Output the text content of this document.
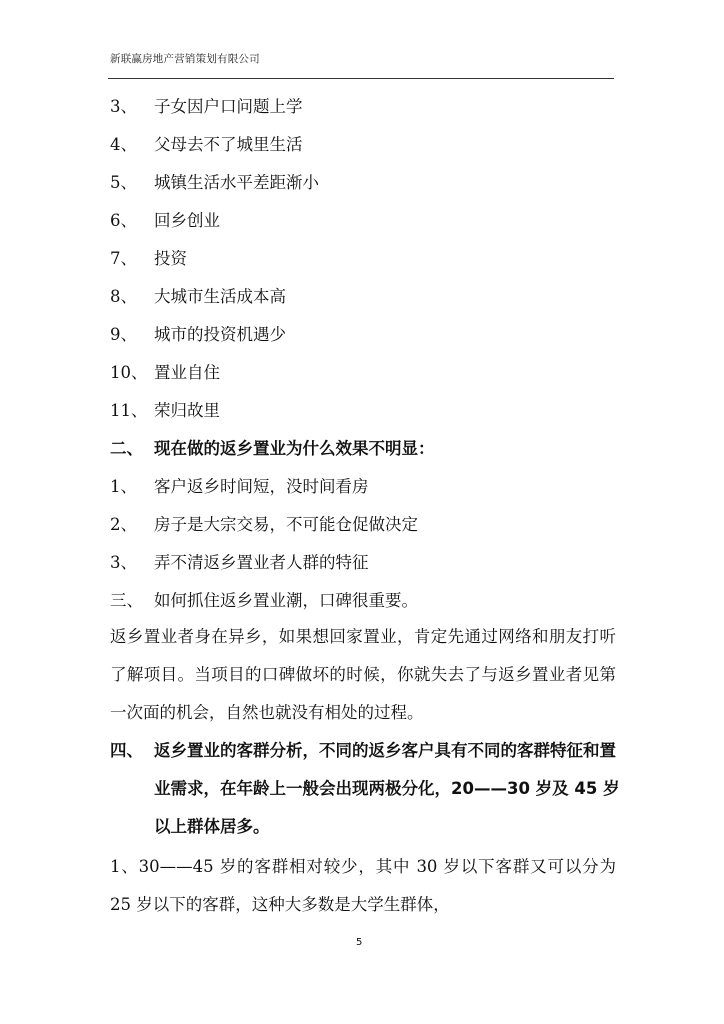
新联赢房地产营销策划有限公司
3、 子女因户口问题上学
4、 父母去不了城里生活
5、 城镇生活水平差距渐小
6、 回乡创业
7、 投资
8、 大城市生活成本高
9、 城市的投资机遇少
10、 置业自住
11、 荣归故里
二、 现在做的返乡置业为什么效果不明显：
1、 客户返乡时间短，没时间看房
2、 房子是大宗交易，不可能仓促做决定
3、 弄不清返乡置业者人群的特征
三、 如何抓住返乡置业潮，口碑很重要。
返乡置业者身在异乡，如果想回家置业，肯定先通过网络和朋友打听了解项目。当项目的口碑做坏的时候，你就失去了与返乡置业者见第一次面的机会，自然也就没有相处的过程。
四、 返乡置业的客群分析，不同的返乡客户具有不同的客群特征和置业需求，在年龄上一般会出现两极分化，20——30 岁及 45 岁以上群体居多。
1、30——45 岁的客群相对较少，其中 30 岁以下客群又可以分为 25 岁以下的客群，这种大多数是大学生群体，
5
